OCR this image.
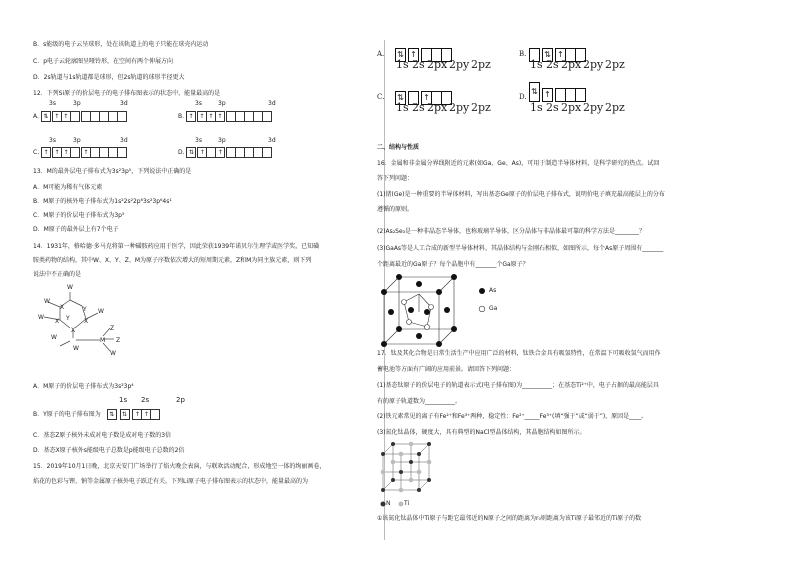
B．s能级的电子云呈球形，处在该轨道上的电子只能在球壳内运动
C．p电子云轮廓图呈哑铃形，在空间有两个伸展方向
D．2s轨道与1s轨道都是球形，但2s轨道的球形半径更大
12．下列Si原子的价层电子的电子排布图表示的状态中，能量最高的是
3s	3p	3d	3s	3p	3d
A. ⇅ ↑ ↑	B. ↑ ↑ ↑ ↑
3s	3p	3d	3s	3p	3d
C. ↑ ↑ ↑ ↑	D. ⇅ ↑ ↑
13．M的最外层电子排布式为3s²3p⁵，下列说法中正确的是
A．M可能为稀有气体元素
B．M原子的核外电子排布式为1s²2s²2p⁶3s²3p⁶4s¹
C．M原子的价层电子排布式为3p⁵
D．M原子的最外层上有7个电子
14．1931年，格哈德·多马克将第一种磺胺药应用于医学，因此荣获1939年诺贝尔生理学或医学奖，已知磺
胺类药物的结构，其中W、X、Y、Z、M为原子序数依次增大的短周期元素，Z和M为同主族元素，则下列
说法中不正确的是
W
W
X
W
Y
X	X
Y
W
X
W	M
Z
Z
W
W
A．M原子的价层电子排布式为3s²3p⁴
1s 2s	2p
B．Y原子的电子排布图为 ⇅ ⇅ ↑ ↑
C．基态Z原子核外未成对电子数是成对电子数的3倍
D．基态X原子核外s能级电子总数是p能级电子总数的2倍
15．2019年10月1日晚，北京天安门广场举行了焰火晚会表演，与联欢活动配合，形成地空一体的绚丽画卷，
焰花的色彩与锂、钠等金属原子核外电子跃迁有关。下列Li原子电子排布图表示的状态中，能量最高的为
A. ⇅ ↑	B.	⇅ ↑
C. ⇅ ↑	D.
⇅ ↑
1s 2s 2px 2py 2pz	1s 2s 2px 2py 2pz
1s 2s 2px 2py 2pz	1s 2s 2px 2py 2pz
二、结构与性质
16．金属和非金属分界线附近的元素(如Ga、Ge、As)，可用于制造半导体材料，是科学研究的热点。试回
答下列问题：
(1)锗(Ge)是一种重要的半导体材料，写出基态Ge原子的价层电子排布式，说明价电子填充最高能层上的分布
遵循的原则。
(2)As₂Se₃是一种非晶态半导体，也称玻璃半导体，区分晶体与非晶体最可靠的科学方法是________？
(3)GaAs等是人工合成的新型半导体材料，其晶体结构与金刚石相似，如图所示，每个As原子周围有_______
个距离最近的Ga原子？每个晶胞中有_______个Ga原子？
As
Ga
17．钛及其化合物是日常生活生产中应用广泛的材料，钛铁合金具有吸氢特性，在常温下可吸收氢气而用作
蓄电池等方面有广阔的应用前景。请回答下列问题：
(1)基态钛原子的价层电子的轨道表示式(电子排布图)为__________；在基态Ti²⁺中，电子占据的最高能层具
有的原子轨道数为__________。
(2)铁元素常见的离子有Fe²⁺和Fe³⁺两种，稳定性：Fe²⁺_____Fe³⁺(填“强于”或“弱于”)，原因是____。
(3)氮化钛晶体，硬度大，具有典型的NaCl型晶体结构，其晶胞结构如图所示。
N Ti
①该氮化钛晶体中Ti原子与距它最邻近的N原子之间的距离为r₀则距离为该Ti原子最邻近的Ti原子的数
